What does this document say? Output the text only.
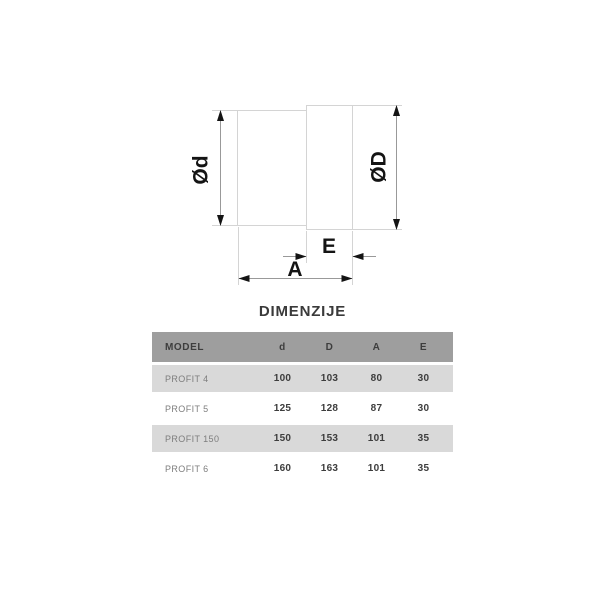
Ød	ØD
E
A
DIMENZIJE
MODEL	d	D	A	E
PROFIT 4	100	103	80	30
PROFIT 5	125	128	87	30
PROFIT 150	150	153	101	35
PROFIT 6	160	163	101	35
